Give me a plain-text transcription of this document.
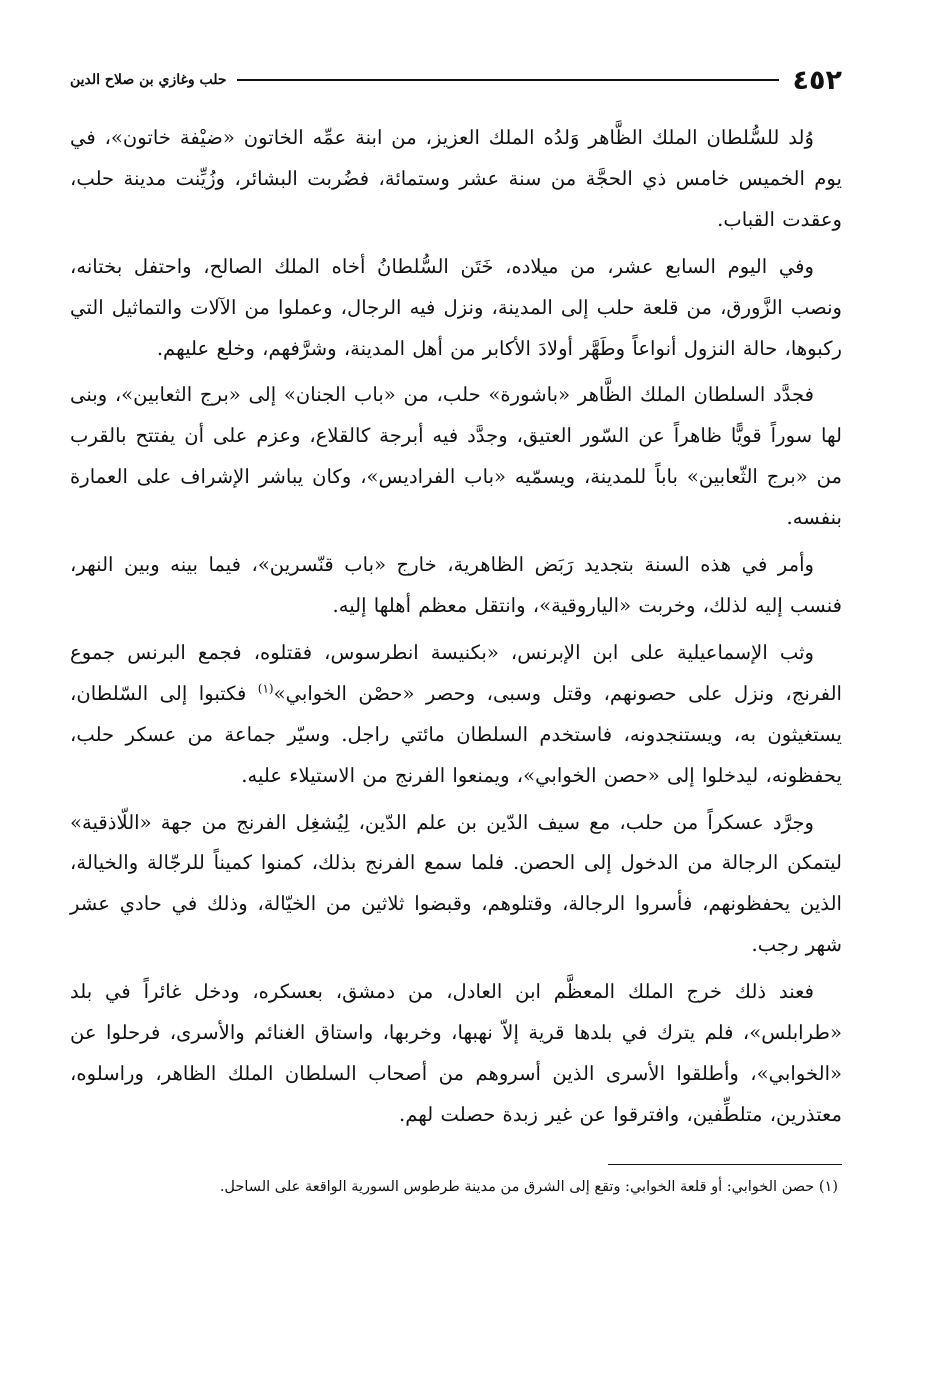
٤٥٢
حلب وغازي بن صلاح الدين

وُلد للسُّلطان الملك الظَّاهر وَلدُه الملك العزيز، من ابنة عمِّه الخاتون «ضيْفة خاتون»، في يوم الخميس خامس ذي الحجَّة من سنة عشر وستمائة، فضُربت البشائر، وزُيِّنت مدينة حلب، وعقدت القباب.

وفي اليوم السابع عشر، من ميلاده، خَتَن السُّلطانُ أخاه الملك الصالح، واحتفل بختانه، ونصب الزَّورق، من قلعة حلب إلى المدينة، ونزل فيه الرجال، وعملوا من الآلات والتماثيل التي ركبوها، حالة النزول أنواعاً وطَهَّر أولادَ الأكابر من أهل المدينة، وشرَّفهم، وخلع عليهم.

فجدَّد السلطان الملك الظَّاهر «باشورة» حلب، من «باب الجنان» إلى «برج الثعابين»، وبنى لها سوراً قويًّا ظاهراً عن السّور العتيق، وجدَّد فيه أبرجة كالقلاع، وعزم على أن يفتتح بالقرب من «برج الثّعابين» باباً للمدينة، ويسمّيه «باب الفراديس»، وكان يباشر الإشراف على العمارة بنفسه.

وأمر في هذه السنة بتجديد رَبَض الظاهرية، خارج «باب قنّسرين»، فيما بينه وبين النهر، فنسب إليه لذلك، وخربت «الياروقية»، وانتقل معظم أهلها إليه.

وثب الإسماعيلية على ابن الإبرنس، «بكنيسة انطرسوس، فقتلوه، فجمع البرنس جموع الفرنج، ونزل على حصونهم، وقتل وسبى، وحصر «حصْن الخوابي»$^{(١)}$ فكتبوا إلى السّلطان، يستغيثون به، ويستنجدونه، فاستخدم السلطان مائتي راجل. وسيّر جماعة من عسكر حلب، يحفظونه، ليدخلوا إلى «حصن الخوابي»، ويمنعوا الفرنج من الاستيلاء عليه.

وجرَّد عسكراً من حلب، مع سيف الدّين بن علم الدّين، لِيُشغِل الفرنج من جهة «اللّاذقية» ليتمكن الرجالة من الدخول إلى الحصن. فلما سمع الفرنج بذلك، كمنوا كميناً للرجّالة والخيالة، الذين يحفظونهم، فأسروا الرجالة، وقتلوهم، وقبضوا ثلاثين من الخيّالة، وذلك في حادي عشر شهر رجب.

فعند ذلك خرج الملك المعظَّم ابن العادل، من دمشق، بعسكره، ودخل غائراً في بلد «طرابلس»، فلم يترك في بلدها قرية إلاّ نهبها، وخربها، واستاق الغنائم والأسرى، فرحلوا عن «الخوابي»، وأطلقوا الأسرى الذين أسروهم من أصحاب السلطان الملك الظاهر، وراسلوه، معتذرين، متلطِّفين، وافترقوا عن غير زبدة حصلت لهم.

(١) حصن الخوابي: أو قلعة الخوابي: وتقع إلى الشرق من مدينة طرطوس السورية الواقعة على الساحل.
